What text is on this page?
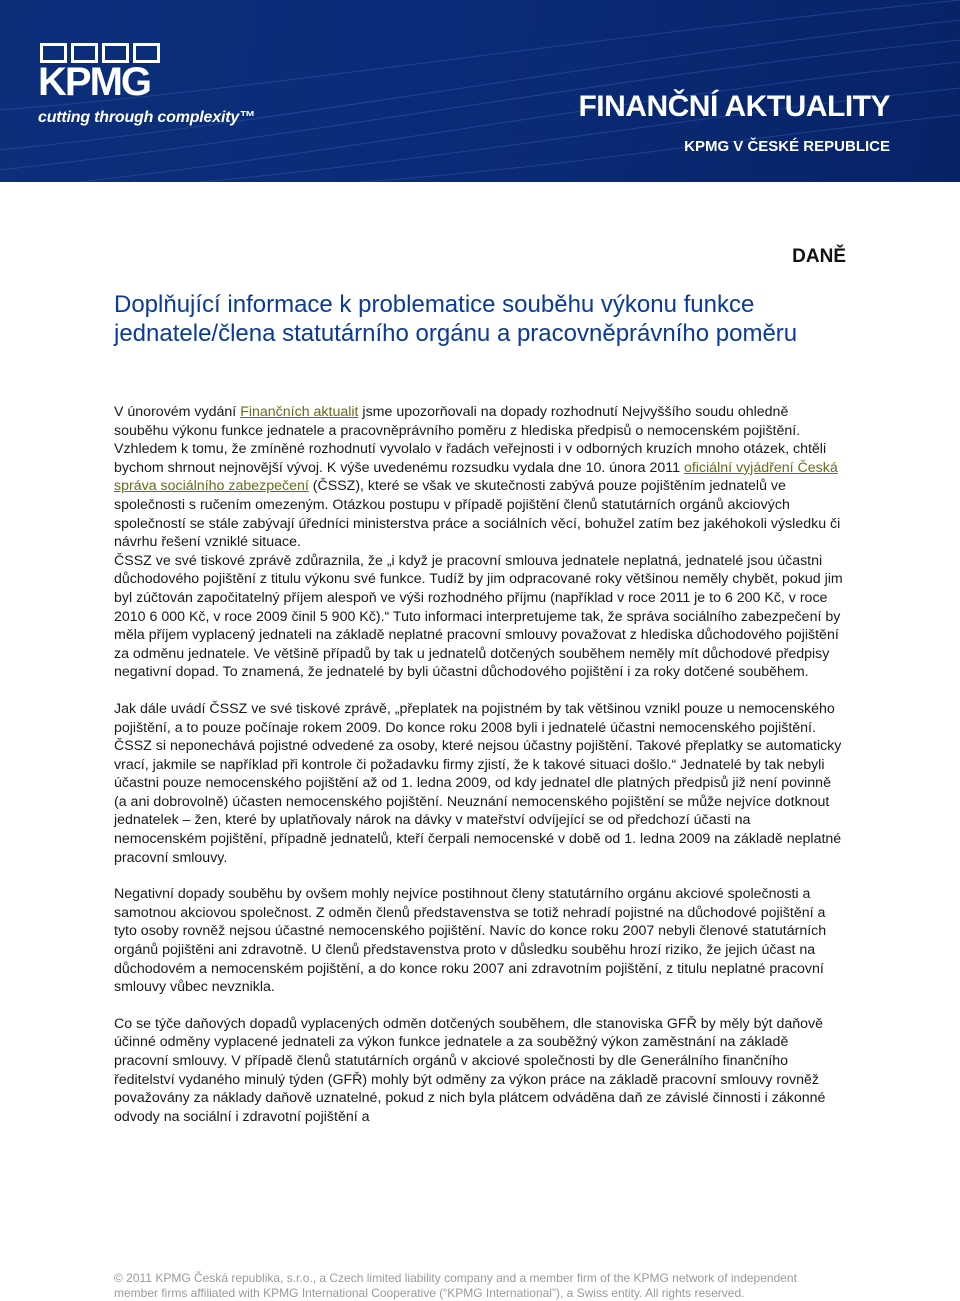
KPMG
cutting through complexity™	FINANČNÍ AKTUALITY
KPMG V ČESKÉ REPUBLICE
DANĚ
Doplňující informace k problematice souběhu výkonu funkce jednatele/člena statutárního orgánu a pracovněprávního poměru

V únorovém vydání Finančních aktualit jsme upozorňovali na dopady rozhodnutí Nejvyššího soudu ohledně souběhu výkonu funkce jednatele a pracovněprávního poměru z hlediska předpisů o nemocenském pojištění. Vzhledem k tomu, že zmíněné rozhodnutí vyvolalo v řadách veřejnosti i v odborných kruzích mnoho otázek, chtěli bychom shrnout nejnovější vývoj. K výše uvedenému rozsudku vydala dne 10. února 2011 oficiální vyjádření Česká správa sociálního zabezpečení (ČSSZ), které se však ve skutečnosti zabývá pouze pojištěním jednatelů ve společnosti s ručením omezeným. Otázkou postupu v případě pojištění členů statutárních orgánů akciových společností se stále zabývají úředníci ministerstva práce a sociálních věcí, bohužel zatím bez jakéhokoli výsledku či návrhu řešení vzniklé situace.

ČSSZ ve své tiskové zprávě zdůraznila, že „i když je pracovní smlouva jednatele neplatná, jednatelé jsou účastni důchodového pojištění z titulu výkonu své funkce. Tudíž by jim odpracované roky většinou neměly chybět, pokud jim byl zúčtován započitatelný příjem alespoň ve výši rozhodného příjmu (například v roce 2011 je to 6 200 Kč, v roce 2010 6 000 Kč, v roce 2009 činil 5 900 Kč).“ Tuto informaci interpretujeme tak, že správa sociálního zabezpečení by měla příjem vyplacený jednateli na základě neplatné pracovní smlouvy považovat z hlediska důchodového pojištění za odměnu jednatele. Ve většině případů by tak u jednatelů dotčených souběhem neměly mít důchodové předpisy negativní dopad. To znamená, že jednatelé by byli účastni důchodového pojištění i za roky dotčené souběhem.

Jak dále uvádí ČSSZ ve své tiskové zprávě, „přeplatek na pojistném by tak většinou vznikl pouze u nemocenského pojištění, a to pouze počínaje rokem 2009. Do konce roku 2008 byli i jednatelé účastni nemocenského pojištění. ČSSZ si neponechává pojistné odvedené za osoby, které nejsou účastny pojištění. Takové přeplatky se automaticky vrací, jakmile se například při kontrole či požadavku firmy zjistí, že k takové situaci došlo.“ Jednatelé by tak nebyli účastni pouze nemocenského pojištění až od 1. ledna 2009, od kdy jednatel dle platných předpisů již není povinně (a ani dobrovolně) účasten nemocenského pojištění. Neuznání nemocenského pojištění se může nejvíce dotknout jednatelek – žen, které by uplatňovaly nárok na dávky v mateřství odvíjející se od předchozí účasti na nemocenském pojištění, případně jednatelů, kteří čerpali nemocenské v době od 1. ledna 2009 na základě neplatné pracovní smlouvy.

Negativní dopady souběhu by ovšem mohly nejvíce postihnout členy statutárního orgánu akciové společnosti a samotnou akciovou společnost. Z odměn členů představenstva se totiž nehradí pojistné na důchodové pojištění a tyto osoby rovněž nejsou účastné nemocenského pojištění. Navíc do konce roku 2007 nebyli členové statutárních orgánů pojištěni ani zdravotně. U členů představenstva proto v důsledku souběhu hrozí riziko, že jejich účast na důchodovém a nemocenském pojištění, a do konce roku 2007 ani zdravotním pojištění, z titulu neplatné pracovní smlouvy vůbec nevznikla.

Co se týče daňových dopadů vyplacených odměn dotčených souběhem, dle stanoviska GFŘ by měly být daňově účinné odměny vyplacené jednateli za výkon funkce jednatele a za souběžný výkon zaměstnání na základě pracovní smlouvy. V případě členů statutárních orgánů v akciové společnosti by dle Generálního finančního ředitelství vydaného minulý týden (GFŘ) mohly být odměny za výkon práce na základě pracovní smlouvy rovněž považovány za náklady daňově uznatelné, pokud z nich byla plátcem odváděna daň ze závislé činnosti i zákonné odvody na sociální i zdravotní pojištění a

© 2011 KPMG Česká republika, s.r.o., a Czech limited liability company and a member firm of the KPMG network of independent member firms affiliated with KPMG International Cooperative (“KPMG International”), a Swiss entity. All rights reserved.
